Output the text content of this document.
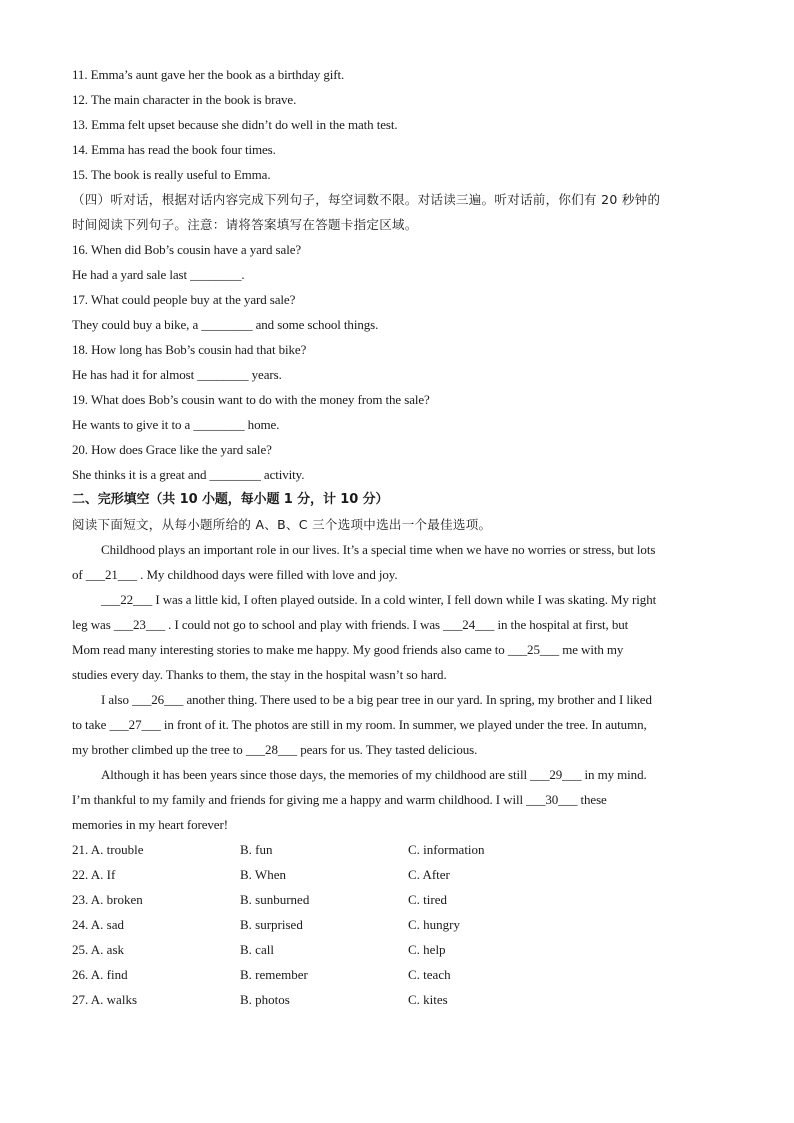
11. Emma’s aunt gave her the book as a birthday gift.
12. The main character in the book is brave.
13. Emma felt upset because she didn’t do well in the math test.
14. Emma has read the book four times.
15. The book is really useful to Emma.
（四）听对话，根据对话内容完成下列句子，每空词数不限。对话读三遍。听对话前，你们有 20 秒钟的
时间阅读下列句子。注意：请将答案填写在答题卡指定区域。
16. When did Bob’s cousin have a yard sale?
He had a yard sale last ________.
17. What could people buy at the yard sale?
They could buy a bike, a ________ and some school things.
18. How long has Bob’s cousin had that bike?
He has had it for almost ________ years.
19. What does Bob’s cousin want to do with the money from the sale?
He wants to give it to a ________ home.
20. How does Grace like the yard sale?
She thinks it is a great and ________ activity.
二、完形填空（共 10 小题，每小题 1 分，计 10 分）
阅读下面短文，从每小题所给的 A、B、C 三个选项中选出一个最佳选项。
Childhood plays an important role in our lives. It’s a special time when we have no worries or stress, but lots
of ___21___ . My childhood days were filled with love and joy.
___22___ I was a little kid, I often played outside. In a cold winter, I fell down while I was skating. My right
leg was ___23___ . I could not go to school and play with friends. I was ___24___ in the hospital at first, but
Mom read many interesting stories to make me happy. My good friends also came to ___25___ me with my
studies every day. Thanks to them, the stay in the hospital wasn’t so hard.
I also ___26___ another thing. There used to be a big pear tree in our yard. In spring, my brother and I liked
to take ___27___ in front of it. The photos are still in my room. In summer, we played under the tree. In autumn,
my brother climbed up the tree to ___28___ pears for us. They tasted delicious.
Although it has been years since those days, the memories of my childhood are still ___29___ in my mind.
I’m thankful to my family and friends for giving me a happy and warm childhood. I will ___30___ these
memories in my heart forever!
21. A. trouble	B. fun	C. information
22. A. If	B. When	C. After
23. A. broken	B. sunburned	C. tired
24. A. sad	B. surprised	C. hungry
25. A. ask	B. call	C. help
26. A. find	B. remember	C. teach
27. A. walks	B. photos	C. kites
